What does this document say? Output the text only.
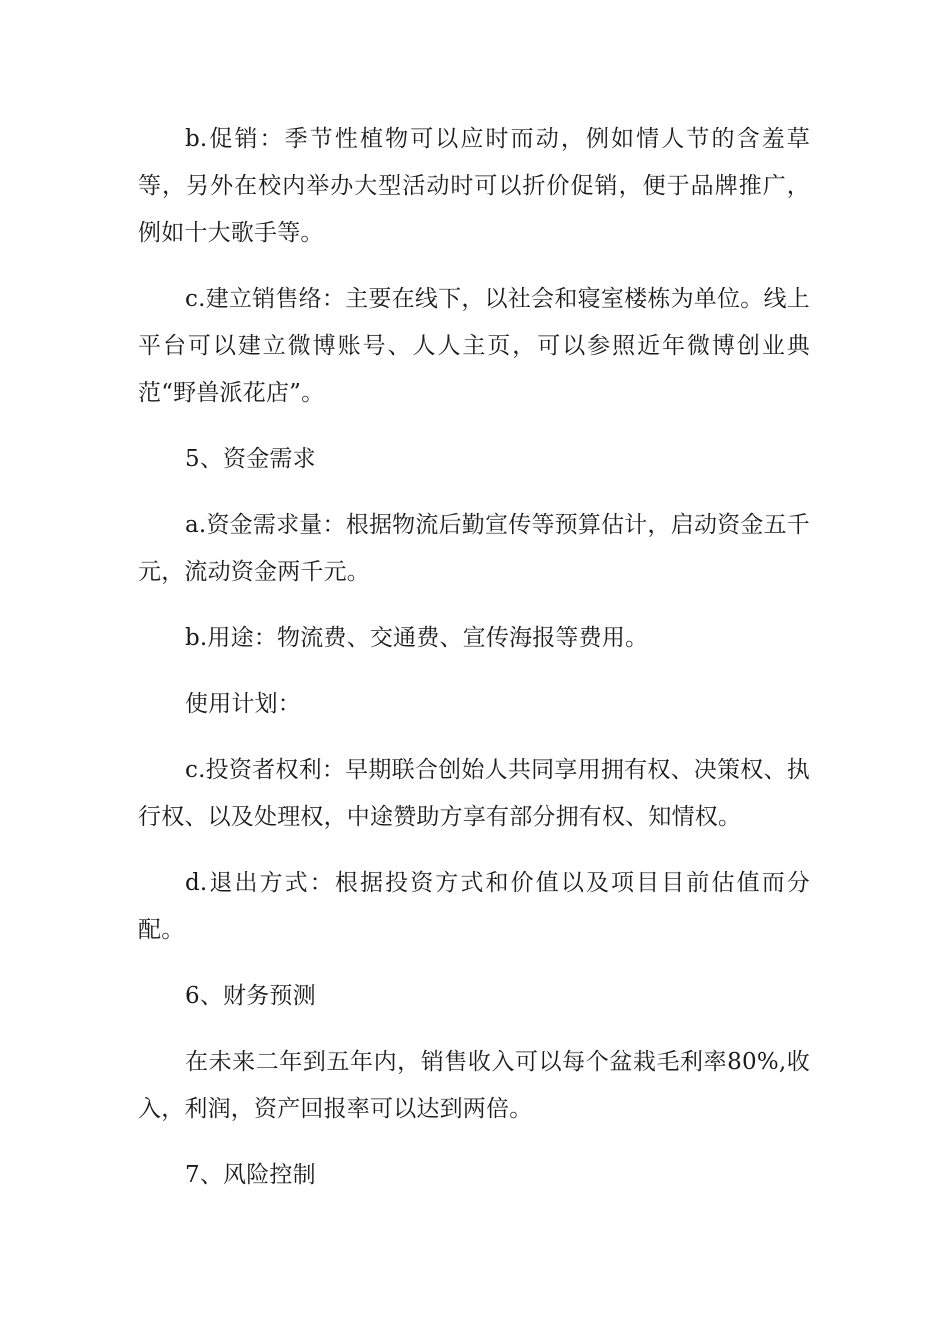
b.促销：季节性植物可以应时而动，例如情人节的含羞草等，另外在校内举办大型活动时可以折价促销，便于品牌推广，例如十大歌手等。

c.建立销售络：主要在线下，以社会和寝室楼栋为单位。线上平台可以建立微博账号、人人主页，可以参照近年微博创业典范“野兽派花店”。

5、资金需求

a.资金需求量：根据物流后勤宣传等预算估计，启动资金五千元，流动资金两千元。

b.用途：物流费、交通费、宣传海报等费用。

使用计划：

c.投资者权利：早期联合创始人共同享用拥有权、决策权、执行权、以及处理权，中途赞助方享有部分拥有权、知情权。

d.退出方式：根据投资方式和价值以及项目目前估值而分配。

6、财务预测

在未来二年到五年内，销售收入可以每个盆栽毛利率80%,收入，利润，资产回报率可以达到两倍。

7、风险控制
